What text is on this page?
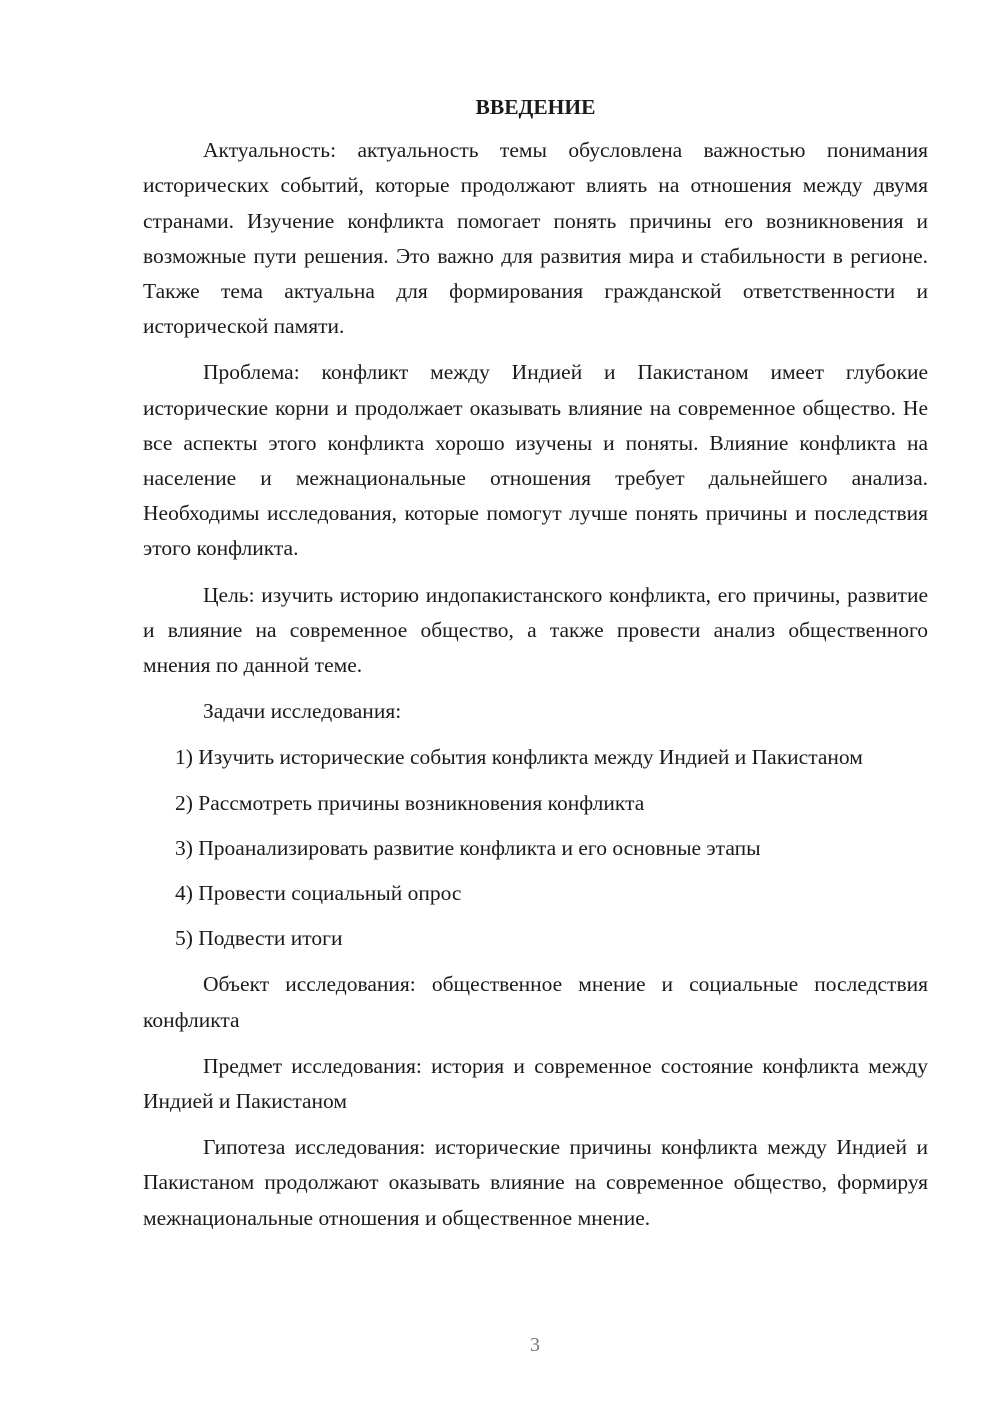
ВВЕДЕНИЕ

Актуальность: актуальность темы обусловлена важностью понимания исторических событий, которые продолжают влиять на отношения между двумя странами. Изучение конфликта помогает понять причины его возникновения и возможные пути решения. Это важно для развития мира и стабильности в регионе. Также тема актуальна для формирования гражданской ответственности и исторической памяти.

Проблема: конфликт между Индией и Пакистаном имеет глубокие исторические корни и продолжает оказывать влияние на современное общество. Не все аспекты этого конфликта хорошо изучены и поняты. Влияние конфликта на население и межнациональные отношения требует дальнейшего анализа. Необходимы исследования, которые помогут лучше понять причины и последствия этого конфликта.

Цель: изучить историю индопакистанского конфликта, его причины, развитие и влияние на современное общество, а также провести анализ общественного мнения по данной теме.

Задачи исследования:

1) Изучить исторические события конфликта между Индией и Пакистаном
2) Рассмотреть причины возникновения конфликта
3) Проанализировать развитие конфликта и его основные этапы
4) Провести социальный опрос
5) Подвести итоги

Объект исследования: общественное мнение и социальные последствия конфликта

Предмет исследования: история и современное состояние конфликта между Индией и Пакистаном

Гипотеза исследования: исторические причины конфликта между Индией и Пакистаном продолжают оказывать влияние на современное общество, формируя межнациональные отношения и общественное мнение.

3
